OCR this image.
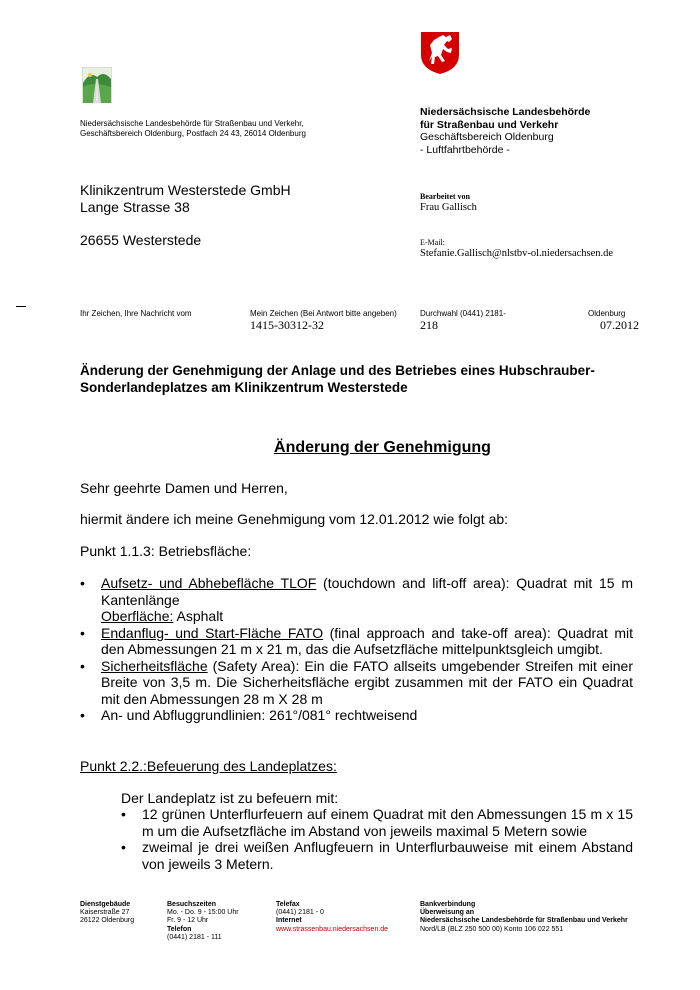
Niedersächsische Landesbehörde für Straßenbau und Verkehr,
Geschäftsbereich Oldenburg, Postfach 24 43, 26014 Oldenburg
Niedersächsische Landesbehörde
für Straßenbau und Verkehr
Geschäftsbereich Oldenburg
- Luftfahrtbehörde -
Klinikzentrum Westerstede GmbH
Lange Strasse 38
26655 Westerstede
Bearbeitet von
Frau Gallisch
E-Mail:
Stefanie.Gallisch@nlstbv-ol.niedersachsen.de
Ihr Zeichen, Ihre Nachricht vom	Mein Zeichen (Bei Antwort bitte angeben)
1415-30312-32
Durchwahl (0441) 2181-
218
Oldenburg
07.2012
Änderung der Genehmigung der Anlage und des Betriebes eines Hubschrauber-Sonderlandeplatzes am Klinikzentrum Westerstede
Änderung der Genehmigung
Sehr geehrte Damen und Herren,
hiermit ändere ich meine Genehmigung vom 12.01.2012 wie folgt ab:
Punkt 1.1.3: Betriebsfläche:
• Aufsetz- und Abhebefläche TLOF (touchdown and lift-off area): Quadrat mit 15 m Kantenlänge
Oberfläche: Asphalt
• Endanflug- und Start-Fläche FATO (final approach and take-off area): Quadrat mit den Abmessungen 21 m x 21 m, das die Aufsetzfläche mittelpunktsgleich umgibt.
• Sicherheitsfläche (Safety Area): Ein die FATO allseits umgebender Streifen mit einer Breite von 3,5 m. Die Sicherheitsfläche ergibt zusammen mit der FATO ein Quadrat mit den Abmessungen 28 m X 28 m
• An- und Abfluggrundlinien: 261°/081° rechtweisend
Punkt 2.2.:Befeuerung des Landeplatzes:
Der Landeplatz ist zu befeuern mit:
• 12 grünen Unterflurfeuern auf einem Quadrat mit den Abmessungen 15 m x 15 m um die Aufsetzfläche im Abstand von jeweils maximal 5 Metern sowie
• zweimal je drei weißen Anflugfeuern in Unterflurbauweise mit einem Abstand von jeweils 3 Metern.
Dienstgebäude
Kaiserstraße 27
26122 Oldenburg
Besuchszeiten
Mo. - Do. 9 - 15:00 Uhr
Fr. 9 - 12 Uhr
Telefon
(0441) 2181 - 111
Telefax
(0441) 2181 - 0
Internet
www.strassenbau.niedersachsen.de
Bankverbindung
Überweisung an
Niedersächsische Landesbehörde für Straßenbau und Verkehr
Nord/LB (BLZ 250 500 00) Konto 106 022 551
